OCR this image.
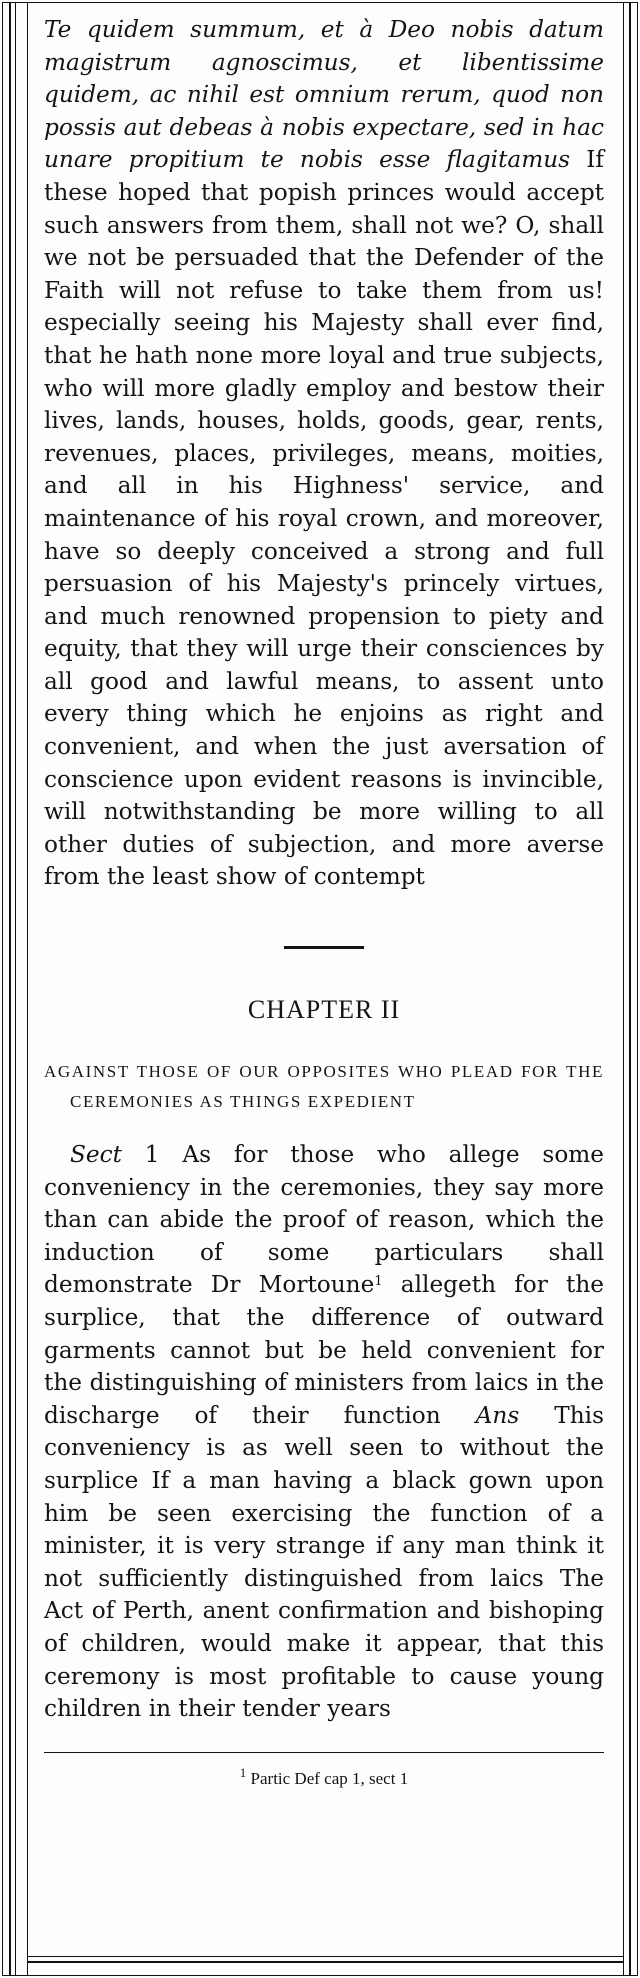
Te quidem summum, et à Deo nobis datum magistrum agnoscimus, et libentissime quidem, ac nihil est omnium rerum, quod non possis aut debeas à nobis expectare, sed in hac unare propitium te nobis esse flagitamus If these hoped that popish princes would accept such answers from them, shall not we? O, shall we not be persuaded that the Defender of the Faith will not refuse to take them from us! especially seeing his Majesty shall ever find, that he hath none more loyal and true subjects, who will more gladly employ and bestow their lives, lands, houses, holds, goods, gear, rents, revenues, places, privileges, means, moities, and all in his Highness' service, and maintenance of his royal crown, and moreover, have so deeply conceived a strong and full persuasion of his Majesty's princely virtues, and much renowned propension to piety and equity, that they will urge their consciences by all good and lawful means, to assent unto every thing which he enjoins as right and convenient, and when the just aversation of conscience upon evident reasons is invincible, will notwithstanding be more willing to all other duties of subjection, and more averse from the least show of contempt

CHAPTER II

AGAINST THOSE OF OUR OPPOSITES WHO PLEAD FOR THE CEREMONIES AS THINGS EXPEDIENT

Sect 1 As for those who allege some conveniency in the ceremonies, they say more than can abide the proof of reason, which the induction of some particulars shall demonstrate Dr Mortoune$^1$ allegeth for the surplice, that the difference of outward garments cannot but be held convenient for the distinguishing of ministers from laics in the discharge of their function Ans This conveniency is as well seen to without the surplice If a man having a black gown upon him be seen exercising the function of a minister, it is very strange if any man think it not sufficiently distinguished from laics The Act of Perth, anent confirmation and bishoping of children, would make it appear, that this ceremony is most profitable to cause young children in their tender years

$^1$ Partic Def cap 1, sect 1
